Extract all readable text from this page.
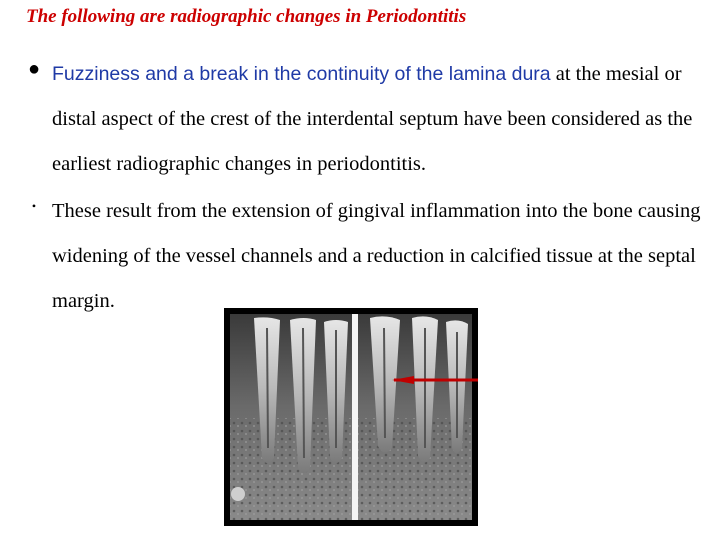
The following are radiographic changes in Periodontitis
● Fuzziness and a break in the continuity of the lamina dura at the mesial or distal aspect of the crest of the interdental septum have been considered as the earliest radiographic changes in periodontitis.

• These result from the extension of gingival inflammation into the bone causing widening of the vessel channels and a reduction in calcified tissue at the septal margin.
